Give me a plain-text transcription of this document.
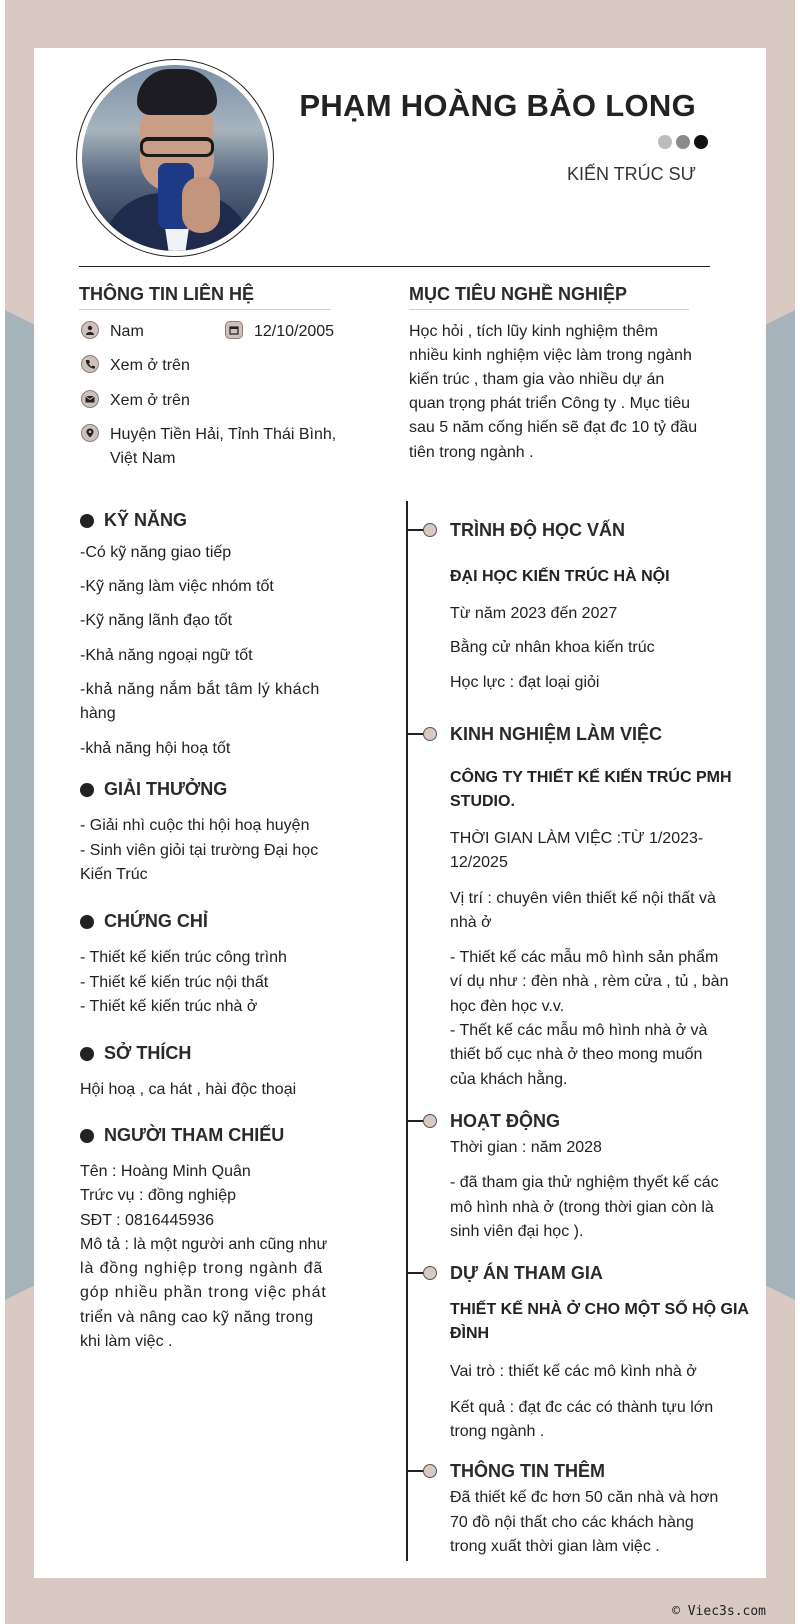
PHẠM HOÀNG BẢO LONG
KIẾN TRÚC SƯ
THÔNG TIN LIÊN HỆ
Nam	12/10/2005
Xem ở trên
Xem ở trên
Huyện Tiền Hải, Tỉnh Thái Bình,
Việt Nam
MỤC TIÊU NGHỀ NGHIỆP
Học hỏi , tích lũy kinh nghiệm thêm
nhiều kinh nghiệm việc làm trong ngành
kiến trúc , tham gia vào nhiều dự án
quan trọng phát triển Công ty . Mục tiêu
sau 5 năm cống hiến sẽ đạt đc 10 tỷ đầu
tiên trong ngành .
KỸ NĂNG
-Có kỹ năng giao tiếp
-Kỹ năng làm việc nhóm tốt
-Kỹ năng lãnh đạo tốt
-Khả năng ngoại ngữ tốt
-khả năng nắm bắt tâm lý khách
hàng
-khả năng hội hoạ tốt
GIẢI THƯỞNG
- Giải nhì cuộc thi hội hoạ huyện
- Sinh viên giỏi tại trường Đại học
Kiến Trúc
CHỨNG CHỈ
- Thiết kế kiến trúc công trình
- Thiết kế kiến trúc nội thất
- Thiết kế kiến trúc nhà ở
SỞ THÍCH
Hội hoạ , ca hát , hài độc thoại
NGƯỜI THAM CHIẾU
Tên : Hoàng Minh Quân
Trức vụ : đồng nghiệp
SĐT : 0816445936
Mô tả : là một người anh cũng như
là đồng nghiệp trong ngành đã
góp nhiều phần trong việc phát
triển và nâng cao kỹ năng trong
khi làm việc .
TRÌNH ĐỘ HỌC VẤN
ĐẠI HỌC KIẾN TRÚC HÀ NỘI
Từ năm 2023 đến 2027
Bằng cử nhân khoa kiến trúc
Học lực : đạt loại giỏi
KINH NGHIỆM LÀM VIỆC
CÔNG TY THIẾT KẾ KIẾN TRÚC PMH
STUDIO.
THỜI GIAN LÀM VIỆC :TỪ 1/2023-
12/2025
Vị trí : chuyên viên thiết kế nội thất và
nhà ở
- Thiết kế các mẫu mô hình sản phẩm
ví dụ như : đèn nhà , rèm cửa , tủ , bàn
học đèn học v.v.
- Thết kế các mẫu mô hình nhà ở và
thiết bố cục nhà ở theo mong muốn
của khách hằng.
HOẠT ĐỘNG
Thời gian : năm 2028
- đã tham gia thử nghiệm thyết kế các
mô hình nhà ở (trong thời gian còn là
sinh viên đại học ).
DỰ ÁN THAM GIA
THIẾT KẾ NHÀ Ở CHO MỘT SỐ HỘ GIA
ĐÌNH
Vai trò : thiết kế các mô kình nhà ở
Kết quả : đạt đc các có thành tựu lớn
trong ngành .
THÔNG TIN THÊM
Đã thiết kế đc hơn 50 căn nhà và hơn
70 đồ nội thất cho các khách hàng
trong xuất thời gian làm việc .
© Viec3s.com
